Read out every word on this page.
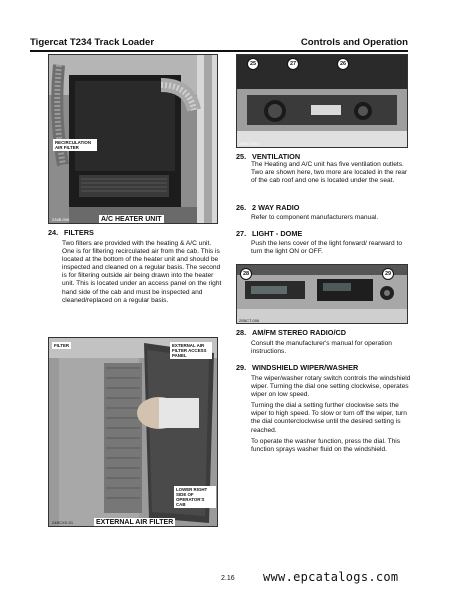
Tigercat T234 Track Loader	Controls and Operation
RECIRCULATION AIR FILTER
234B-006	A/C HEATER UNIT
24. FILTERS

Two filters are provided with the heating & A/C unit. One is for filtering recirculated air from the cab. This is located at the bottom of the heater unit and should be inspected and cleaned on a regular basis. The second is for filtering outside air being drawn into the heater unit. This is located under an access panel on the right hand side of the cab and must be inspected and cleaned/replaced on a regular basis.

FILTER	EXTERNAL AIR FILTER ACCESS PANEL
LOWER RIGHT SIDE OF OPERATOR'S CAB
24BCXX-01	EXTERNAL AIR FILTER
25	27	26
25BCT-001
25. VENTILATION

The Heating and A/C unit has five ventilation outlets. Two are shown here, two more are located in the rear of the cab roof and one is located under the seat.

26. 2 WAY RADIO

Refer to component manufacturers manual.

27. LIGHT - DOME

Push the lens cover of the light forward/ rearward to turn the light ON or OFF.

28	29
25BCT-006
28. AM/FM STEREO RADIO/CD

Consult the manufacturer's manual for operation instructions.

29. WINDSHIELD WIPER/WASHER

The wiper/washer rotary switch controls the windshield wiper. Turning the dial one setting clockwise, operates wiper on low speed.

Turning the dial a setting further clockwise sets the wiper to high speed. To slow or turn off the wiper, turn the dial counterclockwise until the desired setting is reached.

To operate the washer function, press the dial. This function sprays washer fluid on the windshield.

2.16 www.epcatalogs.com
